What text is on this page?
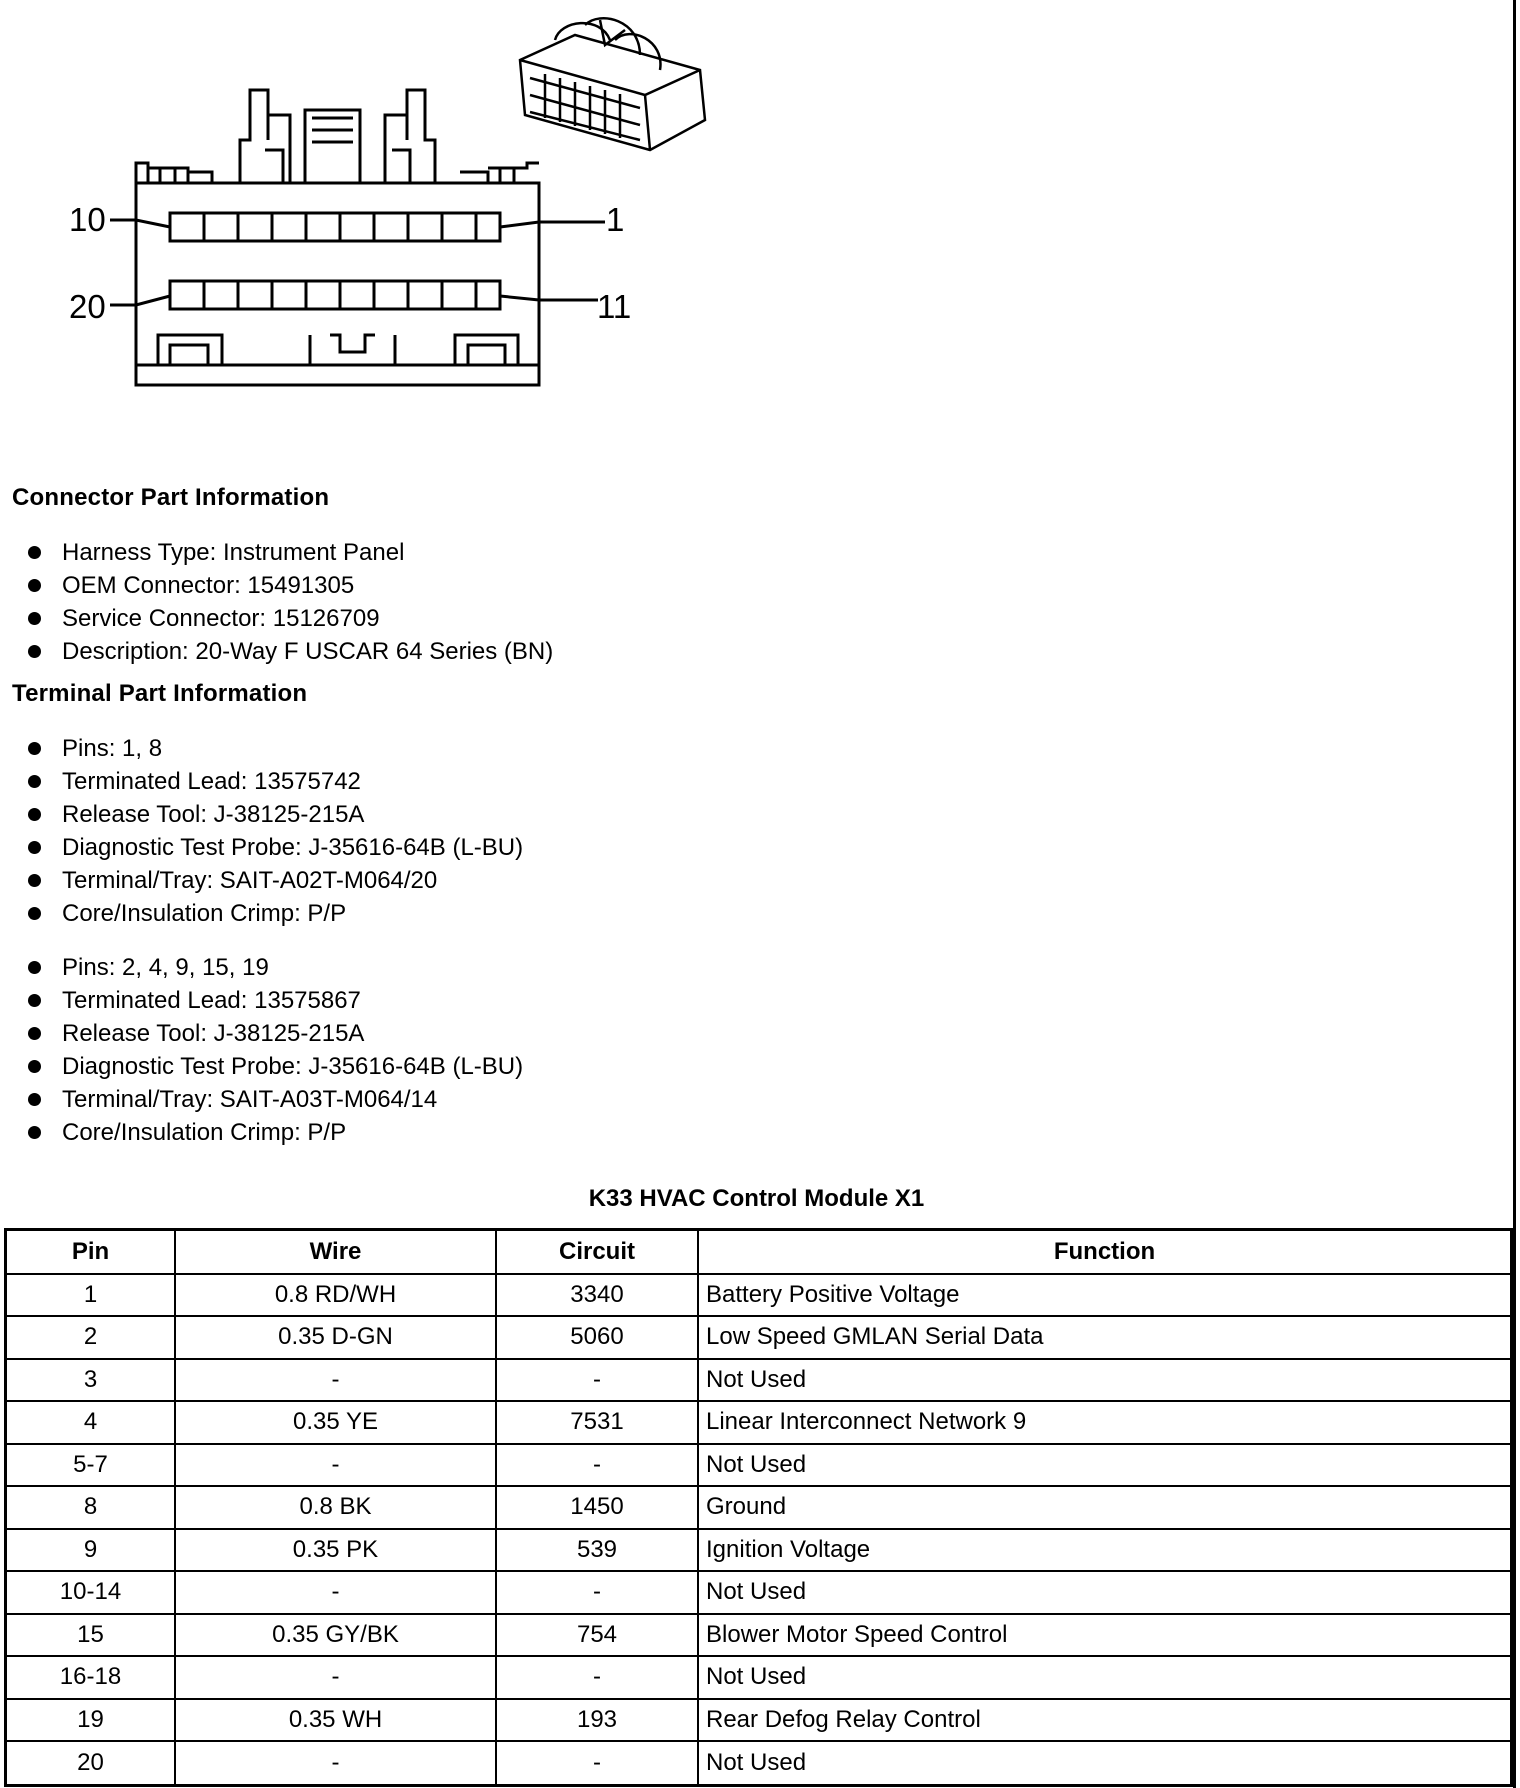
10	1
20	11
Connector Part Information
Harness Type: Instrument Panel
OEM Connector: 15491305
Service Connector: 15126709
Description: 20-Way F USCAR 64 Series (BN)
Terminal Part Information
Pins: 1, 8
Terminated Lead: 13575742
Release Tool: J-38125-215A
Diagnostic Test Probe: J-35616-64B (L-BU)
Terminal/Tray: SAIT-A02T-M064/20
Core/Insulation Crimp: P/P
Pins: 2, 4, 9, 15, 19
Terminated Lead: 13575867
Release Tool: J-38125-215A
Diagnostic Test Probe: J-35616-64B (L-BU)
Terminal/Tray: SAIT-A03T-M064/14
Core/Insulation Crimp: P/P
K33 HVAC Control Module X1
Pin	Wire	Circuit	Function
1	0.8 RD/WH	3340	Battery Positive Voltage
2	0.35 D-GN	5060	Low Speed GMLAN Serial Data
3	-	-	Not Used
4	0.35 YE	7531	Linear Interconnect Network 9
5-7	-	-	Not Used
8	0.8 BK	1450	Ground
9	0.35 PK	539	Ignition Voltage
10-14	-	-	Not Used
15	0.35 GY/BK	754	Blower Motor Speed Control
16-18	-	-	Not Used
19	0.35 WH	193	Rear Defog Relay Control
20	-	-	Not Used
